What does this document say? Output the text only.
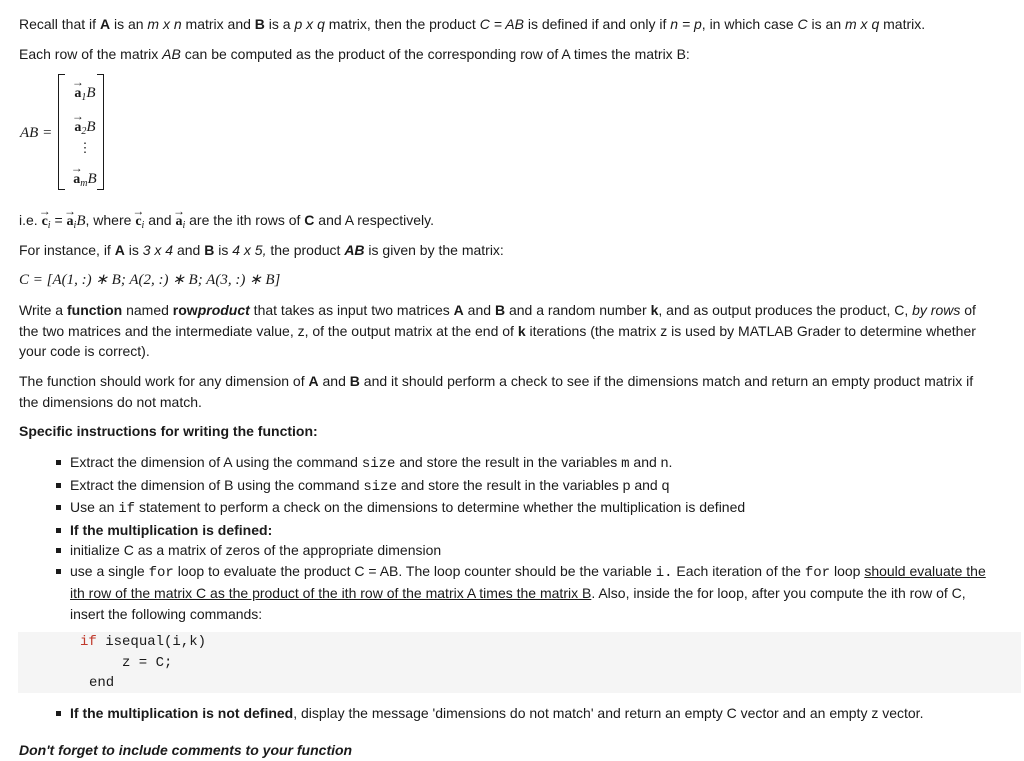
Recall that if A is an m x n matrix and B is a p x q matrix, then the product C = AB is defined if and only if n = p, in which case C is an m x q matrix.

Each row of the matrix AB can be computed as the product of the corresponding row of A times the matrix B:

AB =
→ $a_1B$
→ $a_2B$
⋮
→ $a_mB$

i.e. → $c_i$ = → $a_iB$, where → $c_i$ and → $a_i$ are the ith rows of C and A respectively.

For instance, if A is 3 x 4 and B is 4 x 5, the product AB is given by the matrix:

C = [A(1, :) ∗ B; A(2, :) ∗ B; A(3, :) ∗ B]

Write a function named rowproduct that takes as input two matrices A and B and a random number k, and as output produces the product, C, by rows of the two matrices and the intermediate value, z, of the output matrix at the end of k iterations (the matrix z is used by MATLAB Grader to determine whether your code is correct).

The function should work for any dimension of A and B and it should perform a check to see if the dimensions match and return an empty product matrix if the dimensions do not match.

Specific instructions for writing the function:

Extract the dimension of A using the command size and store the result in the variables m and n.
Extract the dimension of B using the command size and store the result in the variables p and q
Use an if statement to perform a check on the dimensions to determine whether the multiplication is defined
If the multiplication is defined:
initialize C as a matrix of zeros of the appropriate dimension
use a single for loop to evaluate the product C = AB. The loop counter should be the variable i. Each iteration of the for loop should evaluate the ith row of the matrix C as the product of the ith row of the matrix A times the matrix B. Also, inside the for loop, after you compute the ith row of C, insert the following commands:
if isequal(i,k)
z = C;
end
If the multiplication is not defined, display the message 'dimensions do not match' and return an empty C vector and an empty z vector.

Don't forget to include comments to your function
